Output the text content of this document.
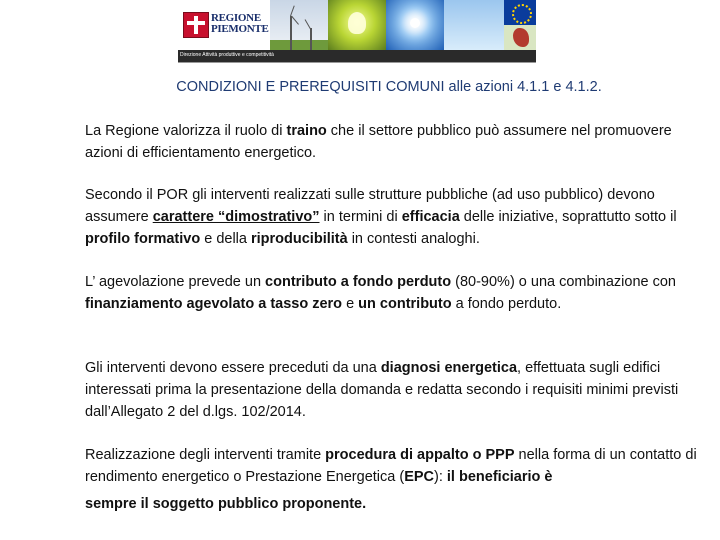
REGIONE
PIEMONTE
Direzione Attività produttive e competitività
CONDIZIONI E PREREQUISITI COMUNI alle azioni 4.1.1 e 4.1.2.
La Regione valorizza il ruolo di traino che il settore pubblico può assumere nel promuovere azioni di efficientamento energetico.
Secondo il POR gli interventi realizzati sulle strutture pubbliche (ad uso pubblico) devono assumere carattere “dimostrativo” in termini di efficacia delle iniziative, soprattutto sotto il profilo formativo e della riproducibilità in contesti analoghi.
L’ agevolazione prevede un contributo a fondo perduto (80-90%) o una combinazione con finanziamento agevolato a tasso zero e un contributo a fondo perduto.
Gli interventi devono essere preceduti da una diagnosi energetica, effettuata sugli edifici interessati prima la presentazione della domanda e redatta secondo i requisiti minimi previsti dall’Allegato 2 del d.lgs. 102/2014.
Realizzazione degli interventi tramite procedura di appalto o PPP nella forma di un contatto di rendimento energetico o Prestazione Energetica (EPC): il beneficiario è
sempre il soggetto pubblico proponente.
